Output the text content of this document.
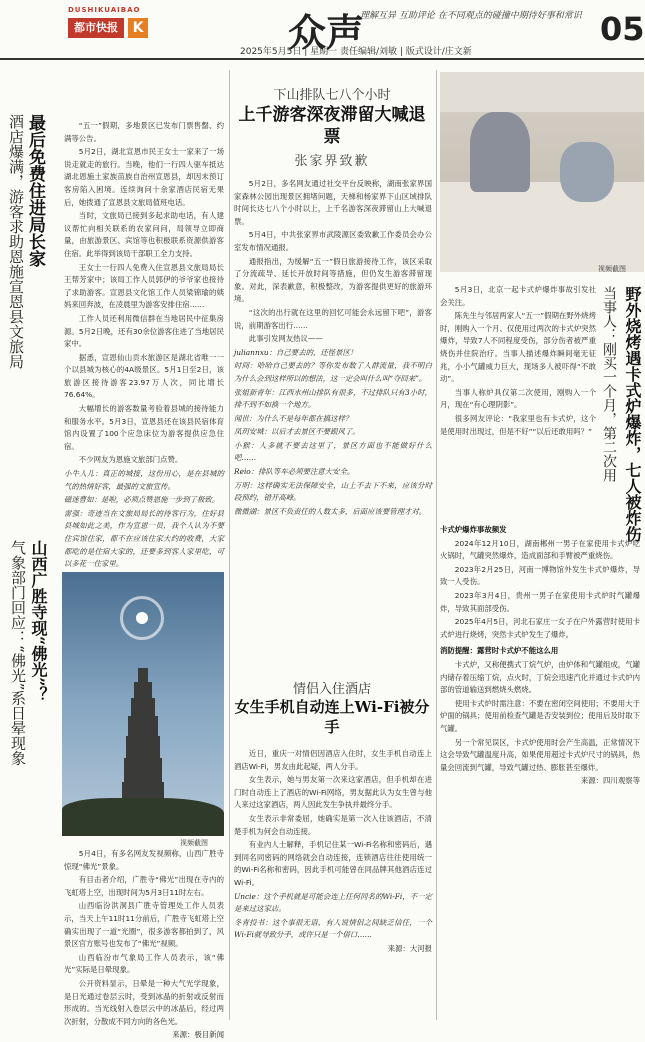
DUSHIKUAIBAO
都市快报	K	众声
理解互异 互助评论 在不同观点的碰撞中期待好事和常识
2025年5月5日 | 星期一 责任编辑/刘敏 | 版式设计/庄文新
05
最后免费住进局长家
酒店爆满，游客求助恩施宣恩县文旅局	“五一”假期，多地景区已发布门票售罄、约满等公告。

5月2日，湖北宣恩市民王女士一家来了一场说走就走的旅行。当晚，他们一行四人驱车抵达湖北恩施土家族苗族自治州宣恩县，却因未预订客房陷入困境。连续询问十余家酒店民宿无果后，她拨通了宣恩县文旅局值班电话。

当时，文旅局已接到多起求助电话，有人建议帮忙向相关联系的农家问问，局领导立即商量，由旅游景区、宾馆等也积极联系资源供游客住宿。此举得到该局干部职工全力支持。

王女士一行四人免费入住宣恩县文旅局局长王帮芳家中；该局工作人员郭伊的爷爷家也接待了求助游客。宣恩县文化馆工作人员梁锦瑜的姨妈来回奔波，在凌晨里为游客安排住宿……

工作人员还利用微信群在当地居民中征集房源。5月2日晚，还有30余位游客住进了当地居民家中。

据悉，宣恩仙山贡水旅游区是湖北省唯一一个以县城为核心的4A级景区。5月1日至2日，该旅游区接待游客23.97万人次，同比增长76.64%。

大幅增长的游客数量考验着县城的接待能力和服务水平。5月3日，宣恩县还在该县民宿体育馆内设置了100个应急床位为游客提供应急住宿。

不少网友为恩施文旅部门点赞。

小牛人儿：真正的城接，这份用心，是在县城的气的热情好客，最强的文旅宣传。

磁迷曹如：是啦，必须点赞恩施一步到了极致。

雷强：奇迹当在文旅局局长的待客行为，住好县县城如此之美，作为宣恩一员，我个人认为不要住宾馆住家，都不在应该住家大约的收费，大家都吃的是住宿大家的，还要多到客人家里吃，可以多花一住家里。

山西广胜寺现“佛光”？
气象部门回应：“佛光”系日晕现象
视频截图

5月4日，有多名网友发视频称，山西广胜寺惊现“佛光”景象。

有目击者介绍，广胜寺“佛光”出现在寺内的飞虹塔上空，出现时间为5月3日11时左右。

山西临汾洪洞县广胜寺管理处工作人员表示，当天上午11时11分前后，广胜寺飞虹塔上空确实出现了一道“光圈”，很多游客都拍到了，风景区官方账号也发布了“佛光”视频。

山西临汾市气象局工作人员表示，该“佛光”实际是日晕现象。

公开资料显示，日晕是一种大气光学现象，是日光通过卷层云时，受到冰晶的折射或反射而形成的。当光线射入卷层云中的冰晶后，经过两次折射，分散成不同方向的各色光。

来源：极目新闻
下山排队七八个小时
上千游客深夜滞留大喊退票
张家界致歉

5月2日，多名网友通过社交平台反映称，湖南张家界国家森林公园出现景区拥堵问题，天梯和杨家界下山区域排队时间长达七八个小时以上，上千名游客深夜滞留山上大喊退票。

5月4日，中共张家界市武陵源区委致歉工作委员会办公室发布情况通报。

通报指出，为缓解“五一”假日旅游接待工作，该区采取了分流疏导、延长开放时间等措施，但仍发生游客滞留现象。对此，深表歉意，积极整改，为游客提供更好的旅游环境。

“这次的出行就在这里的回忆可能会永远留下吧”，游客说，前期游客出行……

此事引发网友热议——

juliannxu：自己要去的，还怪景区！

时间：哈哈自己要去的？等你发布数了人群流量，我不明白为什么会到这样所以的想法，这一定会叫什么叫“夺回来”。

张姐新青年：江西水州山排队有很多，不过排队只有3小时，排不到不如换一个地方。

闻世：为什么不是每年都在搞这样？

凤玥安城：以后才去景区不要跟风了。

小猴：人多就不要去这里了，景区方面也不能做好什么吧……

Reio：排队等车必须要注意大安全。

万明：这样确实无法保障安全，山上不去下不来，应该分时段预约，错开高峰。

微微湖：景区不负责任的人数太多，后面应该要管理才对。

情侣入住酒店
女生手机自动连上Wi-Fi被分手

近日，重庆一对情侣因酒店入住时，女生手机自动连上酒店Wi-Fi，男友由此起疑，两人分手。

女生表示，她与男友第一次来这家酒店，但手机却在进门时自动连上了酒店的Wi-Fi网络，男友据此认为女生曾与他人来过这家酒店，两人因此发生争执并最终分手。

女生表示非常委屈，她确实是第一次入住该酒店，不清楚手机为何会自动连接。

有业内人士解释，手机记住某一Wi-Fi名称和密码后，遇到同名同密码的网络就会自动连接，连锁酒店往往使用统一的Wi-Fi名称和密码，因此手机可能曾在同品牌其他酒店连过Wi-Fi。

Uncie：这个手机就是可能会连上任何同名的Wi-Fi，不一定是来过这家店。

冬青投书：这个事很无语，有人说情侣之间缺乏信任，一个Wi-Fi就导致分手，或许只是一个借口……

来源：大河报
视频截图
野外烧烤遇卡式炉爆炸，七人被炸伤
当事人：刚买一个月，第二次用

5月3日，北京一起卡式炉爆炸事故引发社会关注。

陈先生与邻居两家人“五一”假期在野外烧烤时，刚购入一个月、仅使用过两次的卡式炉突然爆炸，导致7人不同程度受伤，部分伤者被严重烧伤并住院治疗。当事人描述爆炸瞬间毫无征兆，小小气罐威力巨大，现场多人被吓得“不敢动”。

当事人称炉具仅第二次使用，刚购入一个月，现在“有心理阴影”。

很多网友评论：“我家里也有卡式炉，这个是使用时出现过，但是不好”“以后还敢用吗？”

卡式炉爆炸事故频发

2024年12月10日，湖南郴州一男子在家使用卡式炉吃火锅时，气罐突然爆炸，造成面部和手臂被严重烧伤。

2023年2月25日，河南一博物馆外发生卡式炉爆炸，导致一人受伤。

2023年3月4日，贵州一男子在家使用卡式炉时气罐爆炸，导致其面部受伤。

2025年4月5日，河北石家庄一女子在户外露营时使用卡式炉进行烧烤，突然卡式炉发生了爆炸。

消防提醒：露营时卡式炉不能这么用

卡式炉，又称便携式丁烷气炉，由炉体和气罐组成，气罐内储存着压缩丁烷，点火时，丁烷会迅速汽化并通过卡式炉内部的管道输送到燃烧头燃烧。

使用卡式炉时需注意：不要在密闭空间使用；不要用大于炉面的锅具；使用前检查气罐是否安装到位；使用后及时取下气罐。

另一个常见误区，卡式炉使用时会产生高温，正常情况下这会导致气罐温度升高，如果使用超过卡式炉尺寸的锅具，热量会回流到气罐，导致气罐过热、膨胀甚至爆炸。

来源：四川观察等
